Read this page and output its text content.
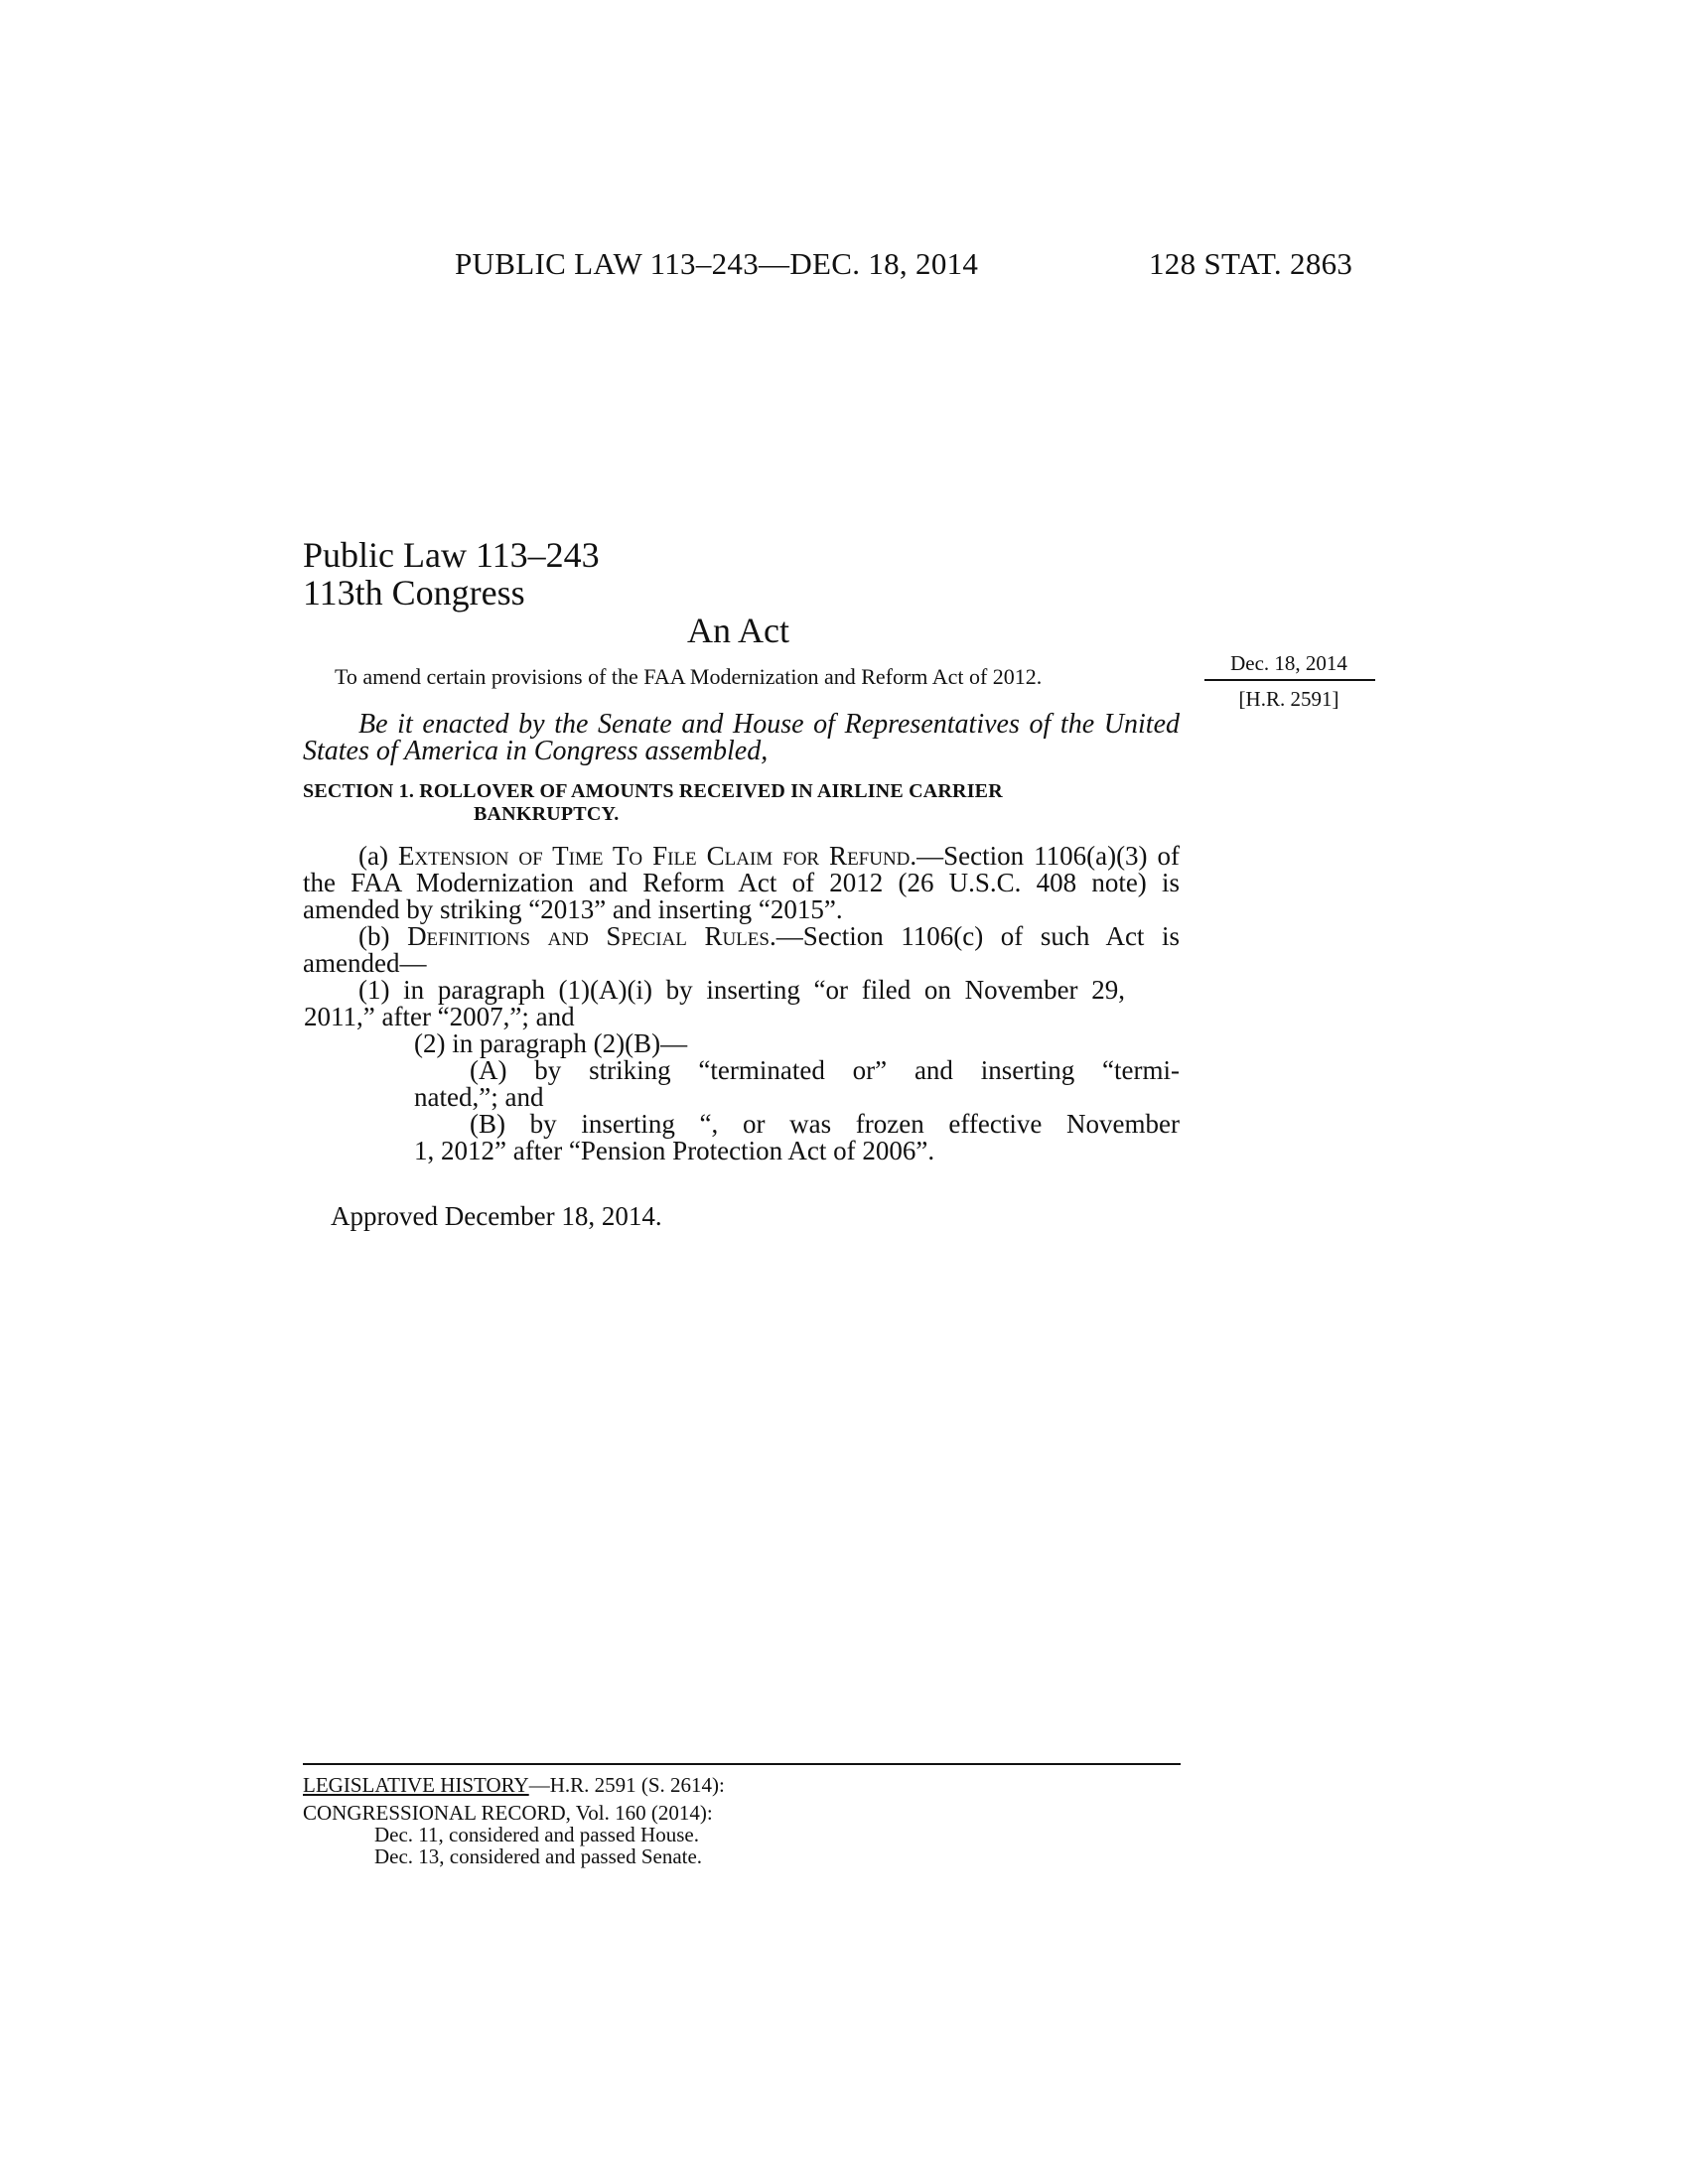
PUBLIC LAW 113–243—DEC. 18, 2014	128 STAT. 2863
Public Law 113–243
113th Congress
An Act
To amend certain provisions of the FAA Modernization and Reform Act of 2012.
Dec. 18, 2014
[H.R. 2591]
Be it enacted by the Senate and House of Representatives of the United States of America in Congress assembled,
SECTION 1. ROLLOVER OF AMOUNTS RECEIVED IN AIRLINE CARRIER
BANKRUPTCY.
(a) Extension of Time To File Claim for Refund.—Section 1106(a)(3) of the FAA Modernization and Reform Act of 2012 (26 U.S.C. 408 note) is amended by striking “2013” and inserting “2015”.
(b) Definitions and Special Rules.—Section 1106(c) of such Act is amended—
(1) in paragraph (1)(A)(i) by inserting “or filed on November 29, 2011,” after “2007,”; and
(2) in paragraph (2)(B)—
(A) by striking “terminated or” and inserting “termi-
nated,”; and
(B) by inserting “, or was frozen effective November
1, 2012” after “Pension Protection Act of 2006”.
Approved December 18, 2014.
LEGISLATIVE HISTORY—H.R. 2591 (S. 2614):
CONGRESSIONAL RECORD, Vol. 160 (2014):
Dec. 11, considered and passed House.
Dec. 13, considered and passed Senate.
